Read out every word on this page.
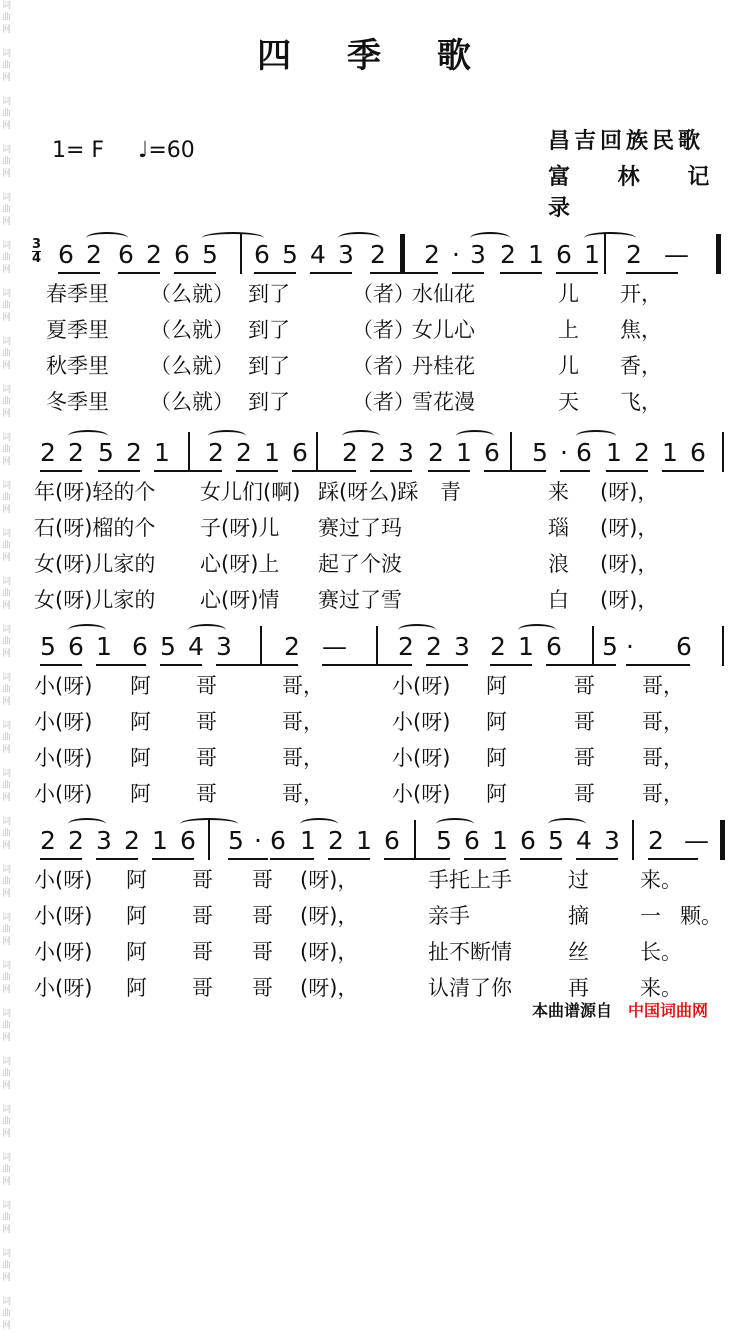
词
曲
网

词
曲
网

词
曲
网

词
曲
网

词
曲
网

词
曲
网

词
曲
网

词
曲
网

词
曲
网

词
曲
网

词
曲
网

词
曲
网

词
曲
网

词
曲
网

词
曲
网

词
曲
网

词
曲
网

词
曲
网

词
曲
网

词
曲
网

词
曲
网

词
曲
网

词
曲
网

词
曲
网

词
曲
网

词
曲
网

词
曲
网

词
曲
网

四 季 歌
1= F ♩=60	昌吉回族民歌
富 林 记录
3
4 6 2 6 2 6 5 6 5 4 3 2 2 · 3 2 1 6 1 2 —
春季里 （么就） 到了	（者）
水仙花	儿 开，
夏季里 （么就） 到了	（者）
女儿心	上 焦，
秋季里 （么就） 到了	（者）
丹桂花	儿 香，
冬季里 （么就） 到了	（者）
雪花漫	天 飞，
2 2 5 2 1 2 2 1 6 2 2 3 2 1 6 5 · 6 1 2 1 6
年(呀)轻的个 女儿们(啊) 踩(呀么)踩 青	来 (呀)，
石(呀)榴的个 子(呀)儿 赛过了玛	瑙 (呀)，
女(呀)儿家的 心(呀)上 起了个波	浪 (呀)，
女(呀)儿家的 心(呀)情 赛过了雪	白 (呀)，
5 6 1 6 5 4 3 2 — 2 2 3 2 1 6 5 · 6
小(呀) 阿 哥	哥，	小(呀) 阿	哥 哥，
小(呀) 阿 哥	哥，	小(呀) 阿	哥 哥，
小(呀) 阿 哥	哥，	小(呀) 阿	哥 哥，
小(呀) 阿 哥	哥，	小(呀) 阿	哥 哥，
2 2 3 2 1 6 5 · 6 1 2 1 6 5 6 1 6 5 4 3 2 —
小(呀) 阿 哥 哥 (呀)，	手托上手	过 来。
小(呀) 阿 哥 哥 (呀)，	亲手	摘 一 颗。
小(呀) 阿 哥 哥 (呀)，	扯不断情	丝 长。
小(呀) 阿 哥 哥 (呀)，	认清了你	再 来。
本曲谱源自 中国词曲网
